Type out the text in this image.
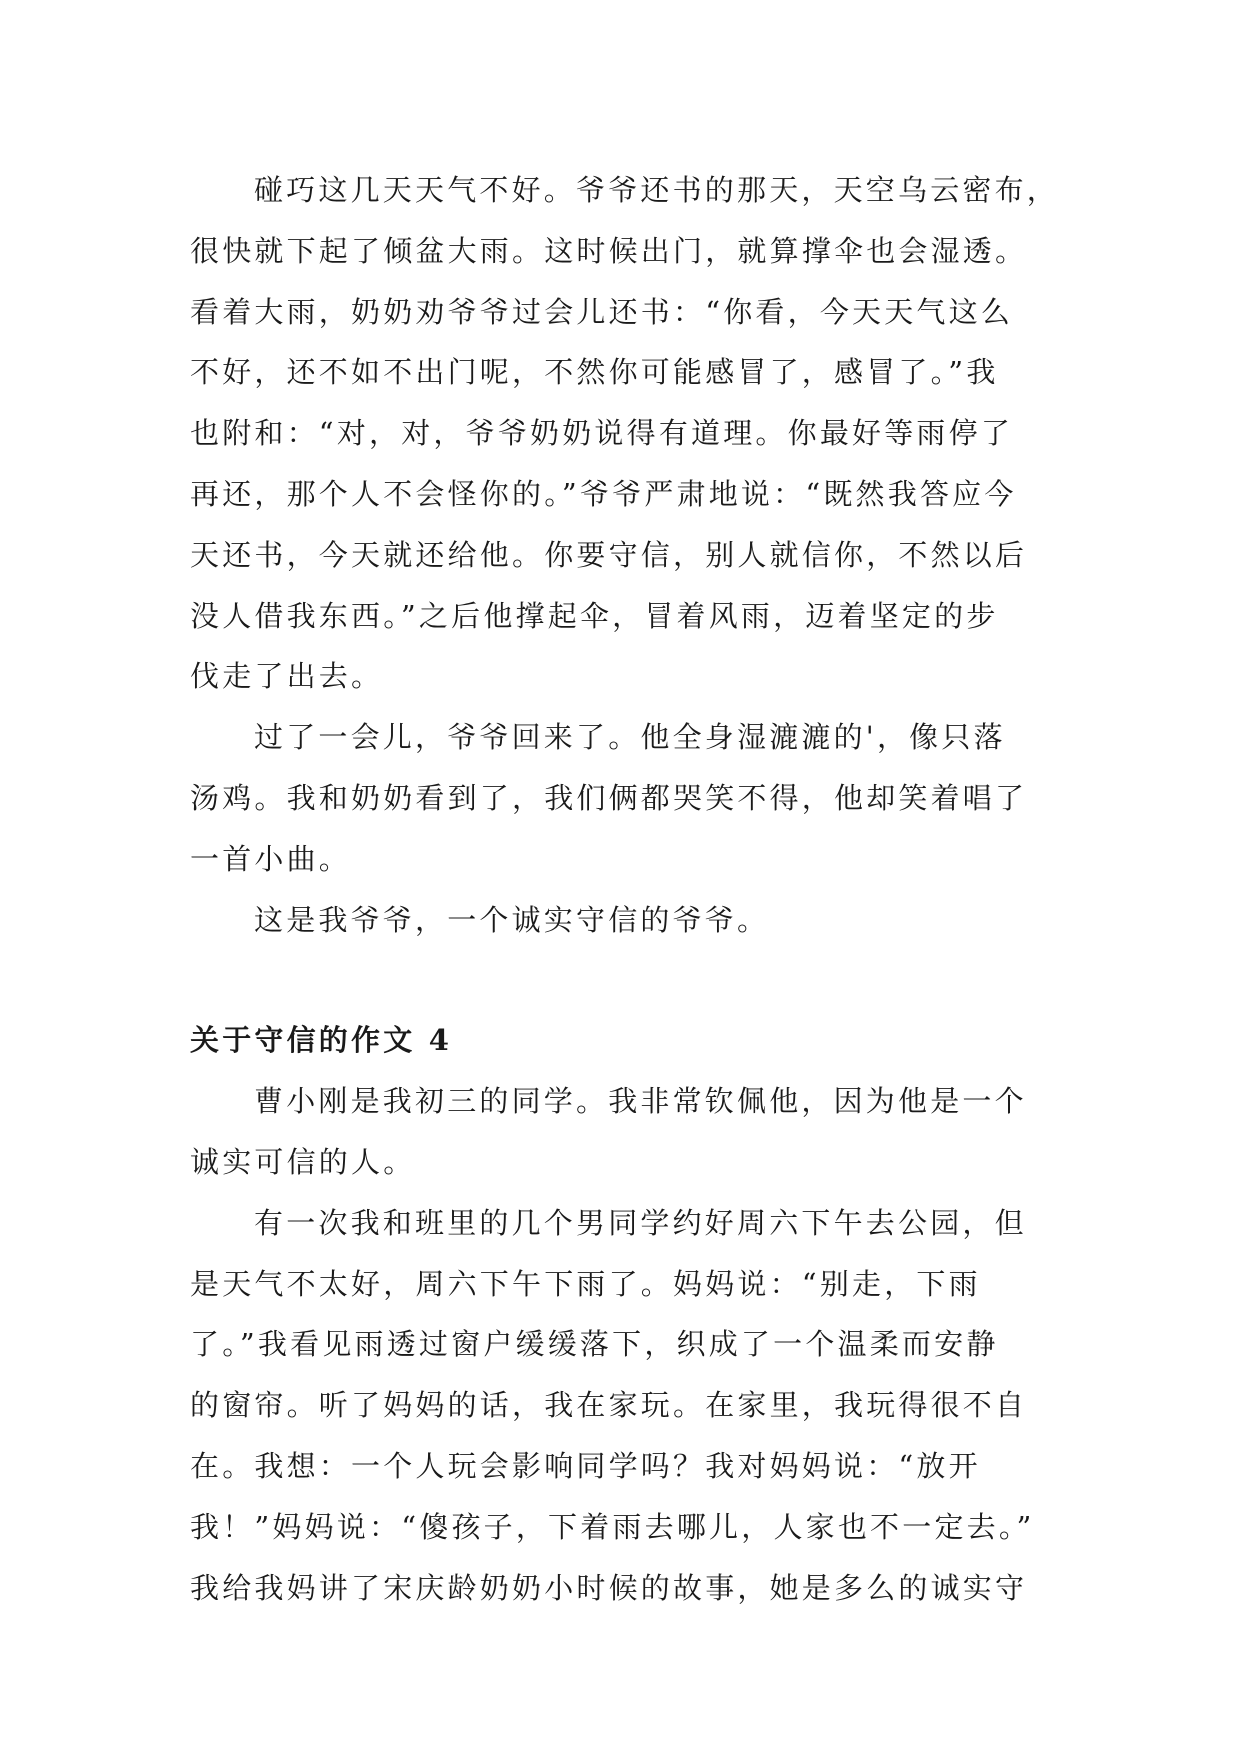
碰巧这几天天气不好。爷爷还书的那天，天空乌云密布，
很快就下起了倾盆大雨。这时候出门，就算撑伞也会湿透。
看着大雨，奶奶劝爷爷过会儿还书：“你看，今天天气这么
不好，还不如不出门呢，不然你可能感冒了，感冒了。”我
也附和：“对，对，爷爷奶奶说得有道理。你最好等雨停了
再还，那个人不会怪你的。”爷爷严肃地说：“既然我答应今
天还书，今天就还给他。你要守信，别人就信你，不然以后
没人借我东西。”之后他撑起伞，冒着风雨，迈着坚定的步
伐走了出去。

过了一会儿，爷爷回来了。他全身湿漉漉的'，像只落
汤鸡。我和奶奶看到了，我们俩都哭笑不得，他却笑着唱了
一首小曲。

这是我爷爷，一个诚实守信的爷爷。

关于守信的作文 4

曹小刚是我初三的同学。我非常钦佩他，因为他是一个
诚实可信的人。

有一次我和班里的几个男同学约好周六下午去公园，但
是天气不太好，周六下午下雨了。妈妈说：“别走，下雨
了。”我看见雨透过窗户缓缓落下，织成了一个温柔而安静
的窗帘。听了妈妈的话，我在家玩。在家里，我玩得很不自
在。我想：一个人玩会影响同学吗？我对妈妈说：“放开
我！”妈妈说：“傻孩子，下着雨去哪儿，人家也不一定去。”
我给我妈讲了宋庆龄奶奶小时候的故事，她是多么的诚实守
